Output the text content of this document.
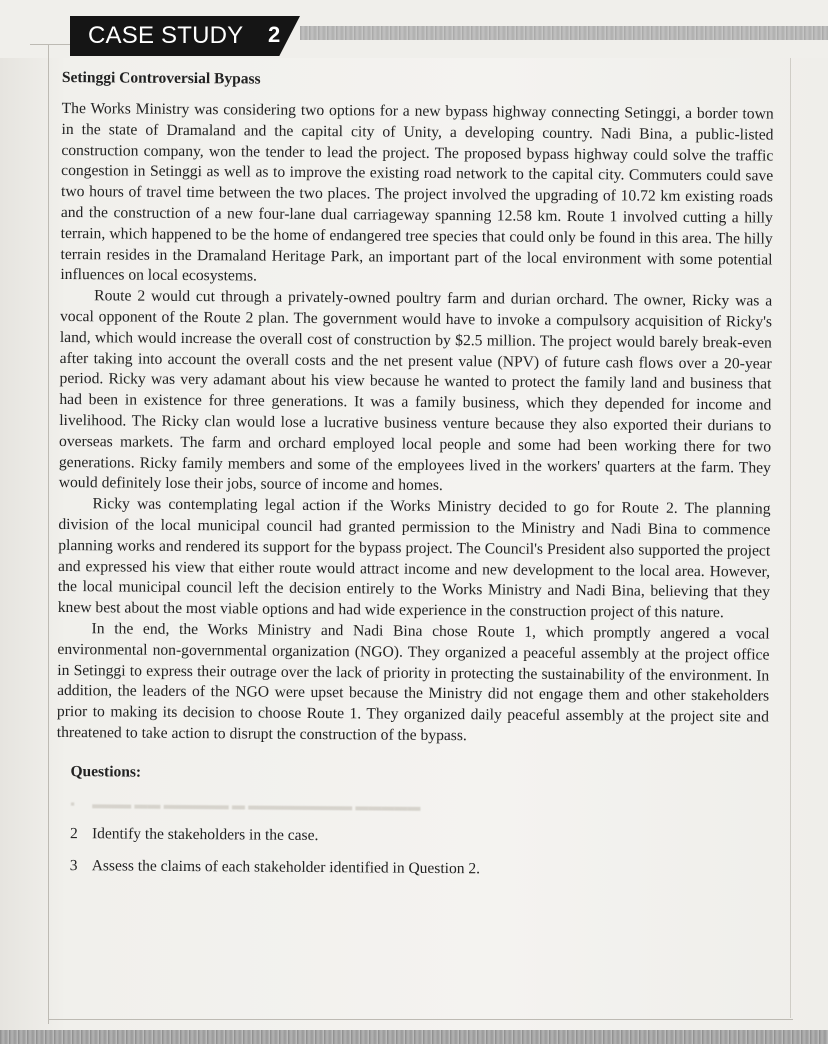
CASE STUDY 2
Setinggi Controversial Bypass

The Works Ministry was considering two options for a new bypass highway connecting Setinggi, a border town in the state of Dramaland and the capital city of Unity, a developing country. Nadi Bina, a public-listed construction company, won the tender to lead the project. The proposed bypass highway could solve the traffic congestion in Setinggi as well as to improve the existing road network to the capital city. Commuters could save two hours of travel time between the two places. The project involved the upgrading of 10.72 km existing roads and the construction of a new four-lane dual carriageway spanning 12.58 km. Route 1 involved cutting a hilly terrain, which happened to be the home of endangered tree species that could only be found in this area. The hilly terrain resides in the Dramaland Heritage Park, an important part of the local environment with some potential influences on local ecosystems.

Route 2 would cut through a privately-owned poultry farm and durian orchard. The owner, Ricky was a vocal opponent of the Route 2 plan. The government would have to invoke a compulsory acquisition of Ricky's land, which would increase the overall cost of construction by $2.5 million. The project would barely break-even after taking into account the overall costs and the net present value (NPV) of future cash flows over a 20-year period. Ricky was very adamant about his view because he wanted to protect the family land and business that had been in existence for three generations. It was a family business, which they depended for income and livelihood. The Ricky clan would lose a lucrative business venture because they also exported their durians to overseas markets. The farm and orchard employed local people and some had been working there for two generations. Ricky family members and some of the employees lived in the workers' quarters at the farm. They would definitely lose their jobs, source of income and homes.

Ricky was contemplating legal action if the Works Ministry decided to go for Route 2. The planning division of the local municipal council had granted permission to the Ministry and Nadi Bina to commence planning works and rendered its support for the bypass project. The Council's President also supported the project and expressed his view that either route would attract income and new development to the local area. However, the local municipal council left the decision entirely to the Works Ministry and Nadi Bina, believing that they knew best about the most viable options and had wide experience in the construction project of this nature.

In the end, the Works Ministry and Nadi Bina chose Route 1, which promptly angered a vocal environmental non-governmental organization (NGO). They organized a peaceful assembly at the project office in Setinggi to express their outrage over the lack of priority in protecting the sustainability of the environment. In addition, the leaders of the NGO were upset because the Ministry did not engage them and other stakeholders prior to making its decision to choose Route 1. They organized daily peaceful assembly at the project site and threatened to take action to disrupt the construction of the bypass.

Questions:
▪	▬▬▬ ▬▬ ▬▬▬▬▬ ▬ ▬▬▬▬▬▬▬▬ ▬▬▬▬▬
2 Identify the stakeholders in the case.
3 Assess the claims of each stakeholder identified in Question 2.
